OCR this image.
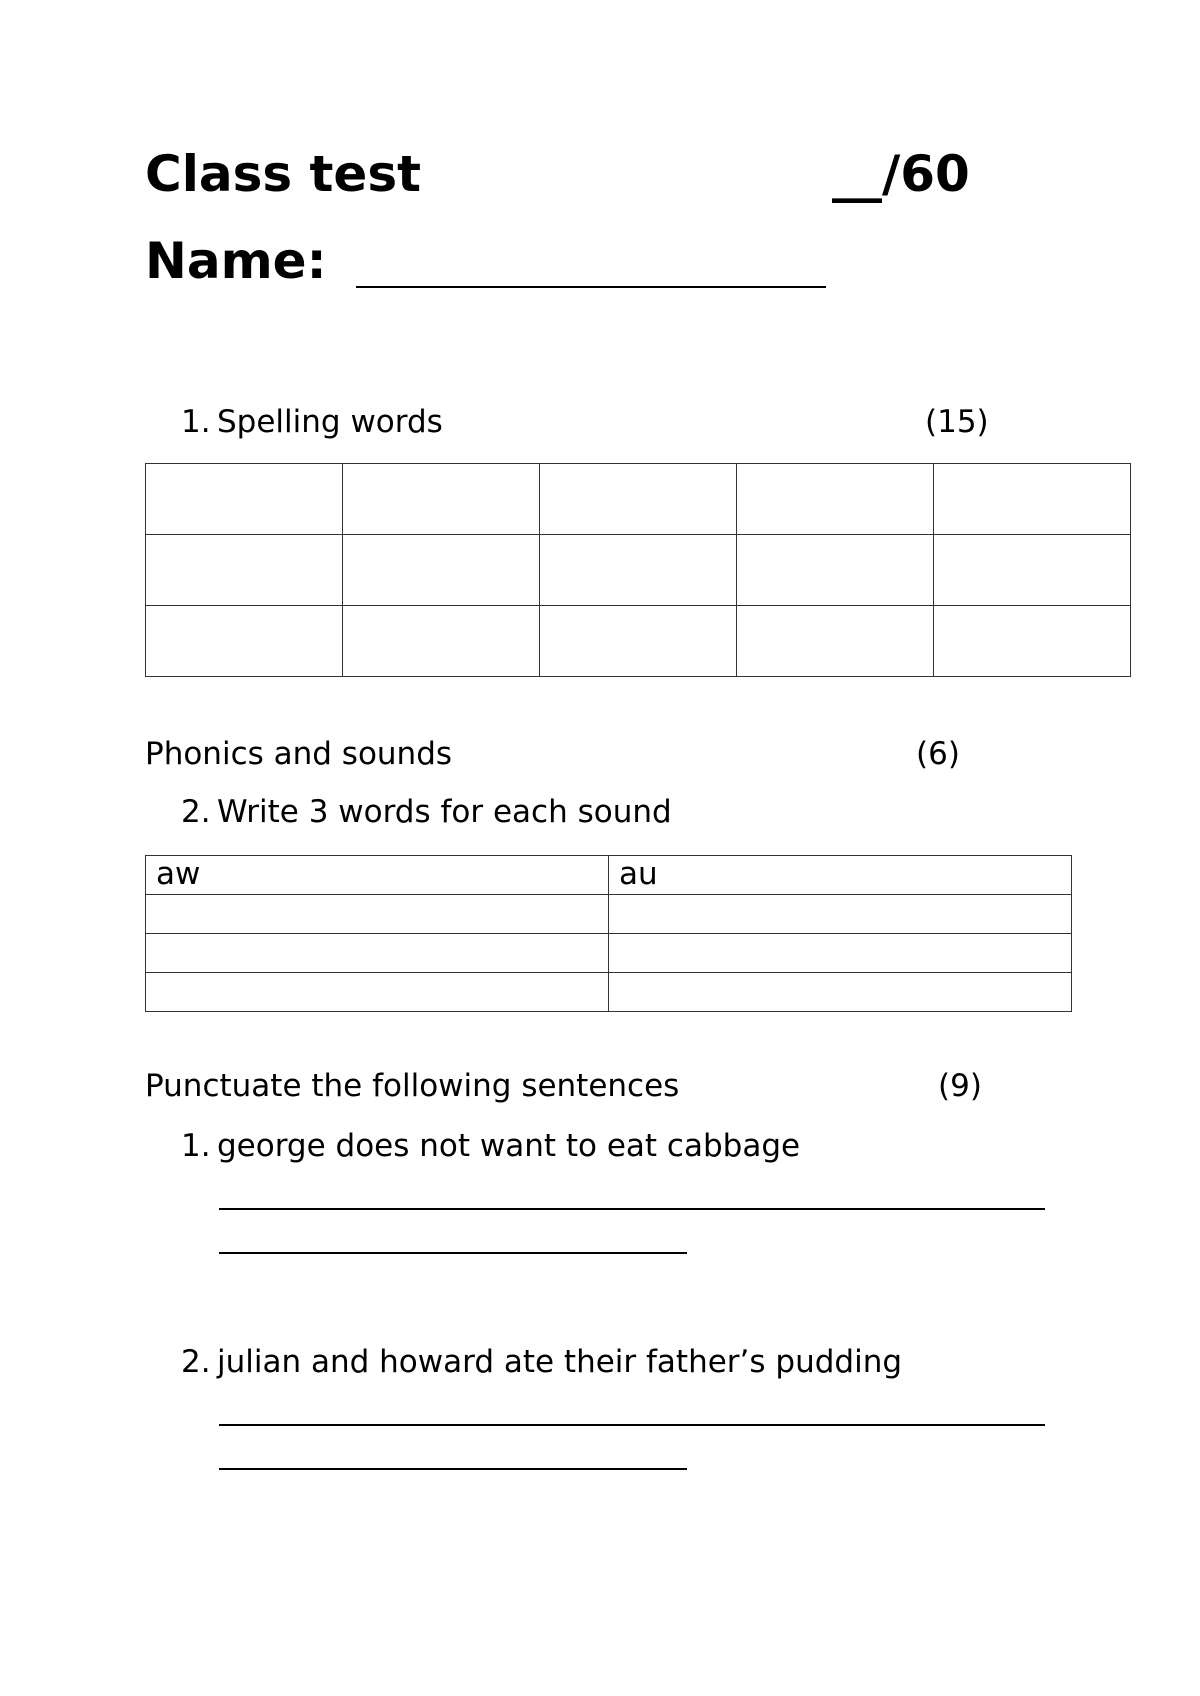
Class test	__/60
Name:
1. Spelling words	(15)

Phonics and sounds	(6)
2. Write 3 words for each sound
aw	au

Punctuate the following sentences	(9)
1. george does not want to eat cabbage
2. julian and howard ate their father’s pudding
